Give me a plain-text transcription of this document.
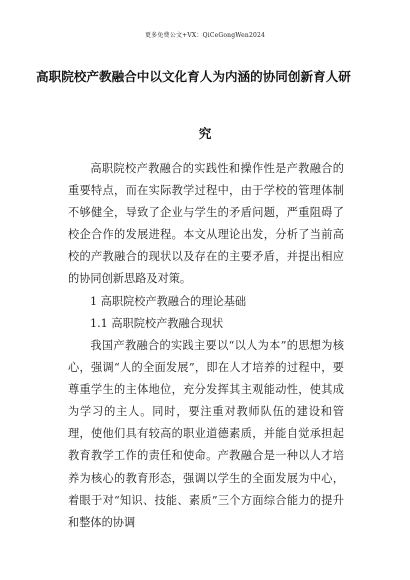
更多免费公文+VX：QiCeGongWen2024
高职院校产教融合中以文化育人为内涵的协同创新育人研
究

高职院校产教融合的实践性和操作性是产教融合的重要特点，而在实际教学过程中，由于学校的管理体制不够健全，导致了企业与学生的矛盾问题，严重阻碍了校企合作的发展进程。本文从理论出发，分析了当前高校的产教融合的现状以及存在的主要矛盾，并提出相应的协同创新思路及对策。

1 高职院校产教融合的理论基础

1.1 高职院校产教融合现状

我国产教融合的实践主要以“以人为本”的思想为核心，强调“人的全面发展”，即在人才培养的过程中，要尊重学生的主体地位，充分发挥其主观能动性，使其成为学习的主人。同时，要注重对教师队伍的建设和管理，使他们具有较高的职业道德素质，并能自觉承担起教育教学工作的责任和使命。产教融合是一种以人才培养为核心的教育形态，强调以学生的全面发展为中心，着眼于对“知识、技能、素质”三个方面综合能力的提升和整体的协调
